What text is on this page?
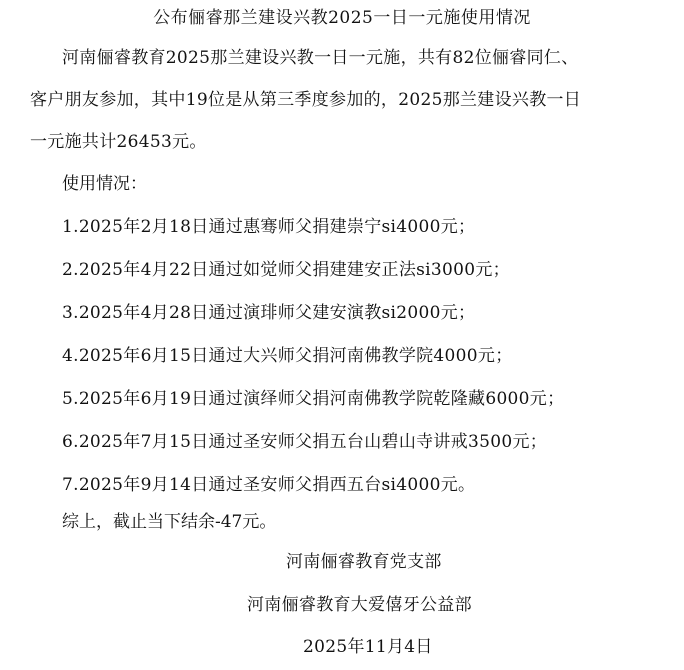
公布俪睿那兰建设兴教2025一日一元施使用情况
河南俪睿教育2025那兰建设兴教一日一元施，共有82位俪睿同仁、
客户朋友参加，其中19位是从第三季度参加的，2025那兰建设兴教一日
一元施共计26453元。
使用情况：
1.2025年2月18日通过惠骞师父捐建崇宁si4000元；
2.2025年4月22日通过如觉师父捐建建安正法si3000元；
3.2025年4月28日通过演琲师父建安演教si2000元；
4.2025年6月15日通过大兴师父捐河南佛教学院4000元；
5.2025年6月19日通过演绎师父捐河南佛教学院乾隆藏6000元；
6.2025年7月15日通过圣安师父捐五台山碧山寺讲戒3500元；
7.2025年9月14日通过圣安师父捐西五台si4000元。
综上，截止当下结余-47元。
河南俪睿教育党支部
河南俪睿教育大爱僖牙公益部
2025年11月4日
